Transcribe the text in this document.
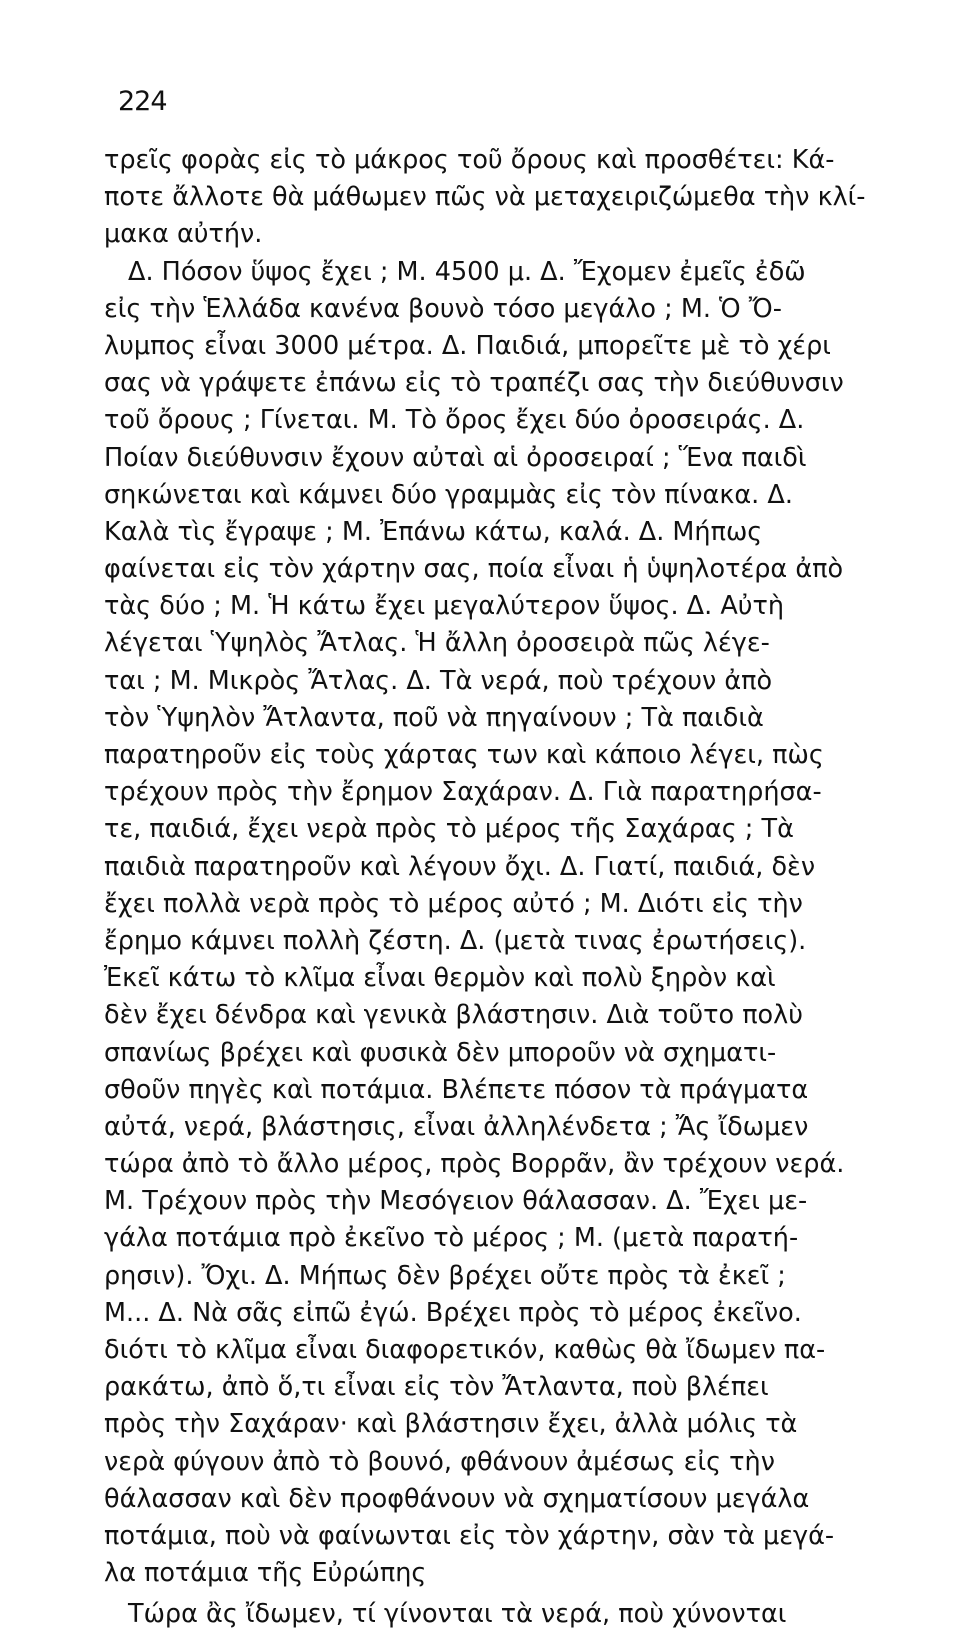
224
τρεῖς φορὰς εἰς τὸ μάκρος τοῦ ὄρους καὶ προσθέτει: Κά-
ποτε ἄλλοτε θὰ μάθωμεν πῶς νὰ μεταχειριζώμεθα τὴν κλί-
μακα αὐτήν.
Δ. Πόσον ὕψος ἔχει ; Μ. 4500 μ. Δ. Ἔχομεν ἐμεῖς ἐδῶ
εἰς τὴν Ἑλλάδα κανένα βουνὸ τόσο μεγάλο ; Μ. Ὁ Ὄ-
λυμπος εἶναι 3000 μέτρα. Δ. Παιδιά, μπορεῖτε μὲ τὸ χέρι
σας νὰ γράψετε ἐπάνω εἰς τὸ τραπέζι σας τὴν διεύθυνσιν
τοῦ ὄρους ; Γίνεται. Μ. Τὸ ὄρος ἔχει δύο ὀροσειράς. Δ.
Ποίαν διεύθυνσιν ἔχουν αὐταὶ αἱ ὀροσειραί ; Ἕνα παιδὶ
σηκώνεται καὶ κάμνει δύο γραμμὰς εἰς τὸν πίνακα. Δ.
Καλὰ τὶς ἔγραψε ; Μ. Ἐπάνω κάτω, καλά. Δ. Μήπως
φαίνεται εἰς τὸν χάρτην σας, ποία εἶναι ἡ ὑψηλοτέρα ἀπὸ
τὰς δύο ; Μ. Ἡ κάτω ἔχει μεγαλύτερον ὕψος. Δ. Αὐτὴ
λέγεται Ὑψηλὸς Ἄτλας. Ἡ ἄλλη ὀροσειρὰ πῶς λέγε-
ται ; Μ. Μικρὸς Ἄτλας. Δ. Τὰ νερά, ποὺ τρέχουν ἀπὸ
τὸν Ὑψηλὸν Ἄτλαντα, ποῦ νὰ πηγαίνουν ; Τὰ παιδιὰ
παρατηροῦν εἰς τοὺς χάρτας των καὶ κάποιο λέγει, πὼς
τρέχουν πρὸς τὴν ἔρημον Σαχάραν. Δ. Γιὰ παρατηρήσα-
τε, παιδιά, ἔχει νερὰ πρὸς τὸ μέρος τῆς Σαχάρας ; Τὰ
παιδιὰ παρατηροῦν καὶ λέγουν ὄχι. Δ. Γιατί, παιδιά, δὲν
ἔχει πολλὰ νερὰ πρὸς τὸ μέρος αὐτό ; Μ. Διότι εἰς τὴν
ἔρημο κάμνει πολλὴ ζέστη. Δ. (μετὰ τινας ἐρωτήσεις).
Ἐκεῖ κάτω τὸ κλῖμα εἶναι θερμὸν καὶ πολὺ ξηρὸν καὶ
δὲν ἔχει δένδρα καὶ γενικὰ βλάστησιν. Διὰ τοῦτο πολὺ
σπανίως βρέχει καὶ φυσικὰ δὲν μποροῦν νὰ σχηματι-
σθοῦν πηγὲς καὶ ποτάμια. Βλέπετε πόσον τὰ πράγματα
αὐτά, νερά, βλάστησις, εἶναι ἀλληλένδετα ; Ἄς ἴδωμεν
τώρα ἀπὸ τὸ ἄλλο μέρος, πρὸς Βορρᾶν, ἂν τρέχουν νερά.
Μ. Τρέχουν πρὸς τὴν Μεσόγειον θάλασσαν. Δ. Ἔχει με-
γάλα ποτάμια πρὸ ἐκεῖνο τὸ μέρος ; Μ. (μετὰ παρατή-
ρησιν). Ὄχι. Δ. Μήπως δὲν βρέχει οὔτε πρὸς τὰ ἐκεῖ ;
Μ... Δ. Νὰ σᾶς εἰπῶ ἐγώ. Βρέχει πρὸς τὸ μέρος ἐκεῖνο.
διότι τὸ κλῖμα εἶναι διαφορετικόν, καθὼς θὰ ἴδωμεν πα-
ρακάτω, ἀπὸ ὅ,τι εἶναι εἰς τὸν Ἄτλαντα, ποὺ βλέπει
πρὸς τὴν Σαχάραν· καὶ βλάστησιν ἔχει, ἀλλὰ μόλις τὰ
νερὰ φύγουν ἀπὸ τὸ βουνό, φθάνουν ἀμέσως εἰς τὴν
θάλασσαν καὶ δὲν προφθάνουν νὰ σχηματίσουν μεγάλα
ποτάμια, ποὺ νὰ φαίνωνται εἰς τὸν χάρτην, σὰν τὰ μεγά-
λα ποτάμια τῆς Εὐρώπης
Τώρα ἂς ἴδωμεν, τί γίνονται τὰ νερά, ποὺ χύνονται
